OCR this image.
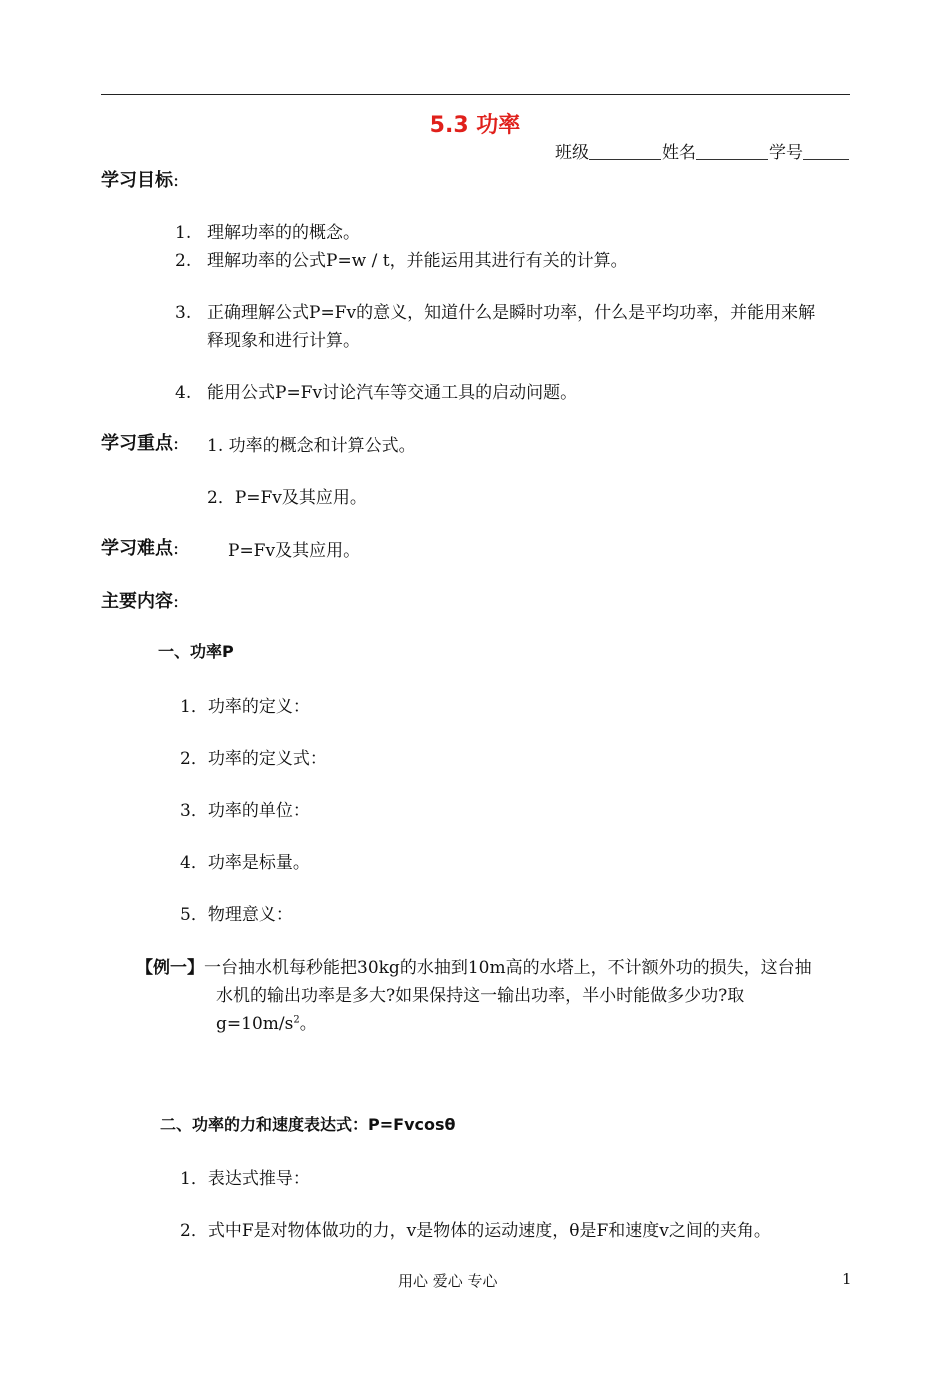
5.3 功率
班级	姓名	学号
学习目标:
1. 理解功率的的概念。
2. 理解功率的公式P=w / t，并能运用其进行有关的计算。
3. 正确理解公式P=Fv的意义，知道什么是瞬时功率，什么是平均功率，并能用来解
释现象和进行计算。
4. 能用公式P=Fv讨论汽车等交通工具的启动问题。
学习重点: 1. 功率的概念和计算公式。
2．P=Fv及其应用。
学习难点:	P=Fv及其应用。
主要内容:
一、功率P
1．功率的定义：
2．功率的定义式：
3．功率的单位：
4．功率是标量。
5．物理意义：
【例一】一台抽水机每秒能把30kg的水抽到10m高的水塔上，不计额外功的损失，这台抽
水机的输出功率是多大?如果保持这一输出功率，半小时能做多少功?取
$g=10m/s^2$。
二、功率的力和速度表达式：P=Fvcosθ
1．表达式推导：
2．式中F是对物体做功的力，v是物体的运动速度，θ是F和速度v之间的夹角。
用心 爱心 专心	1
